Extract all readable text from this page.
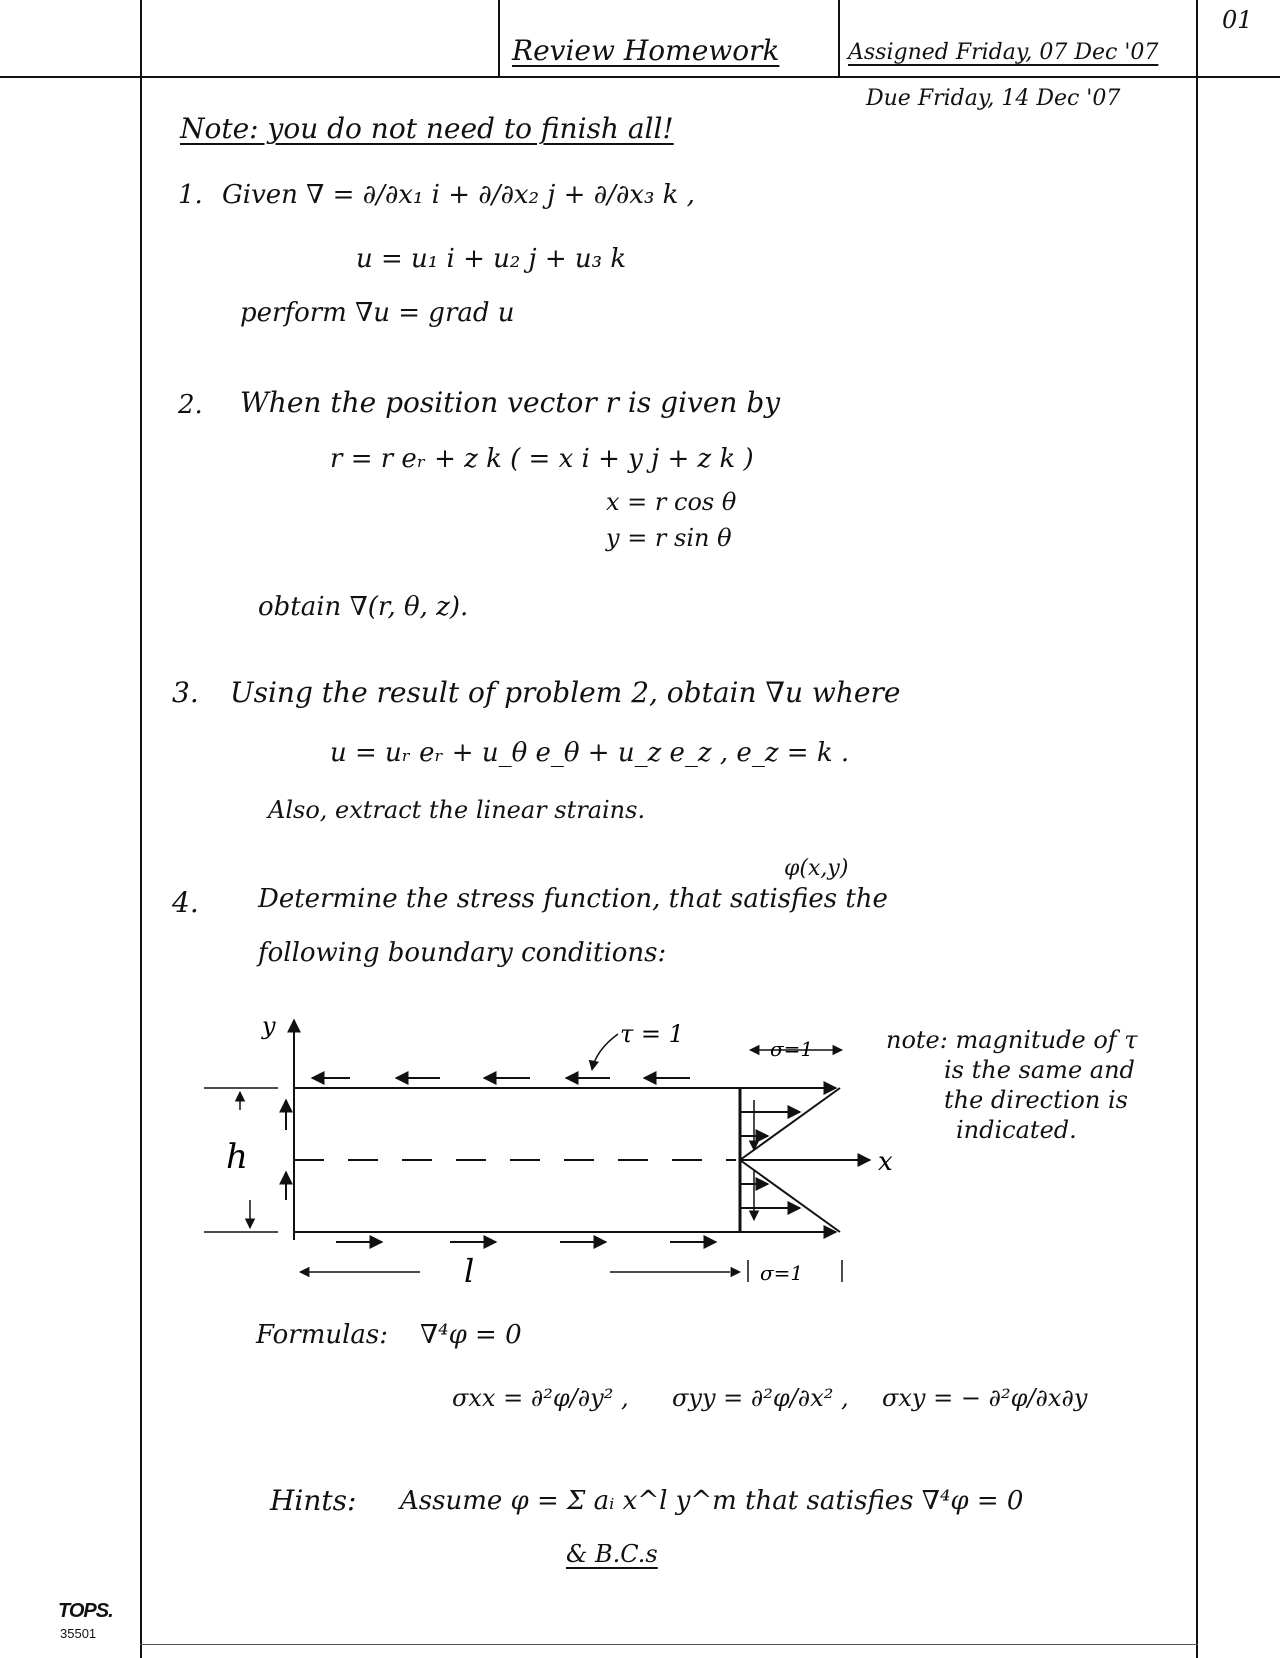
01
Review Homework	Assigned Friday, 07 Dec '07
Due Friday, 14 Dec '07
Note: you do not need to finish all!
1. Given ∇ = ∂/∂x₁ i + ∂/∂x₂ j + ∂/∂x₃ k ,
u = u₁ i + u₂ j + u₃ k
perform ∇u = grad u
2. When the position vector r is given by
r = r eᵣ + z k ( = x i + y j + z k )
x = r cos θ
y = r sin θ
obtain ∇(r, θ, z).
3. Using the result of problem 2, obtain ∇u where
u = uᵣ eᵣ + u_θ e_θ + u_z e_z , e_z = k .
Also, extract the linear strains.
φ(x,y)
4. Determine the stress function, that satisfies the
following boundary conditions:
y
x
τ = 1
σ=1
σ=1
h
l
note: magnitude of τ
is the same and
the direction is
indicated.
Formulas: ∇⁴φ = 0
σxx = ∂²φ/∂y² , σyy = ∂²φ/∂x² , σxy = − ∂²φ/∂x∂y
Hints: Assume φ = Σ aᵢ x^l y^m that satisfies ∇⁴φ = 0
& B.C.s
TOPS.
35501
